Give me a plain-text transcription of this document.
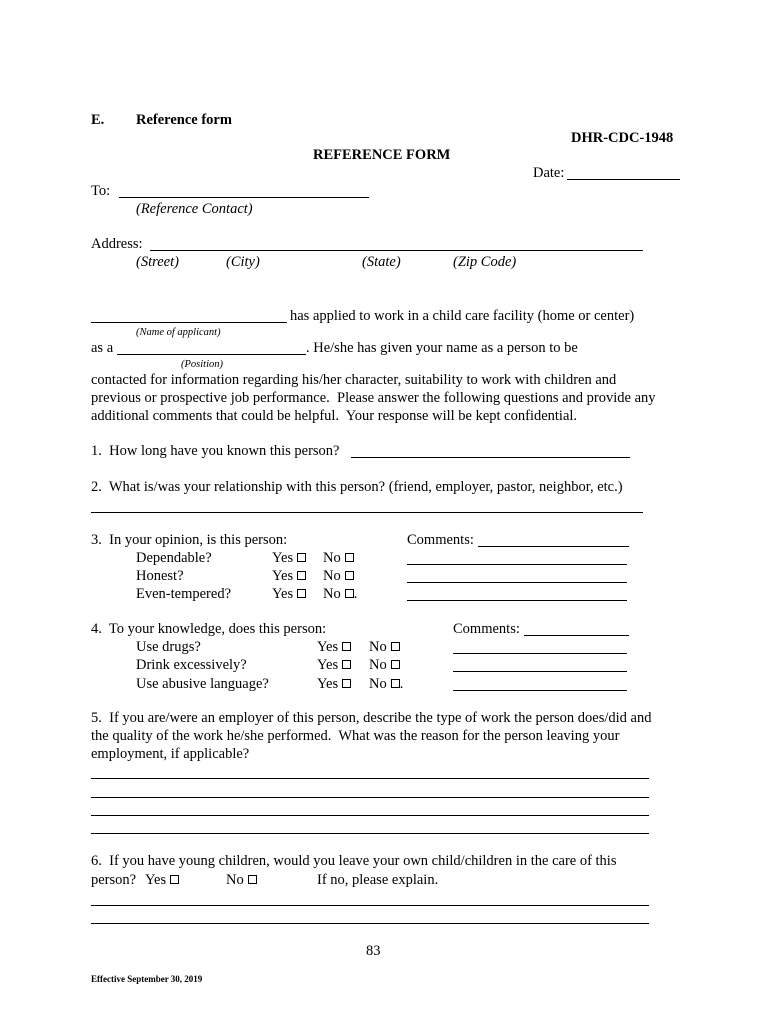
E. Reference form
DHR-CDC-1948
REFERENCE FORM
Date:
To:
(Reference Contact)
Address:
(Street)	(City)	(State)	(Zip Code)
has applied to work in a child care facility (home or center)
(Name of applicant)
as a	. He/she has given your name as a person to be
(Position)
contacted for information regarding his/her character, suitability to work with children and
previous or prospective job performance.  Please answer the following questions and provide any
additional comments that could be helpful.  Your response will be kept confidential.
1.  How long have you known this person?
2.  What is/was your relationship with this person? (friend, employer, pastor, neighbor, etc.)
3.  In your opinion, is this person:	Comments:
Dependable?	Yes	No
Honest?	Yes	No
Even-tempered?	Yes	No .
4.  To your knowledge, does this person:	Comments:
Use drugs?	Yes	No
Drink excessively?	Yes	No
Use abusive language?	Yes	No .
5.  If you are/were an employer of this person, describe the type of work the person does/did and
the quality of the work he/she performed.  What was the reason for the person leaving your
employment, if applicable?
6.  If you have young children, would you leave your own child/children in the care of this
person? Yes	No	If no, please explain.
83
Effective September 30, 2019
